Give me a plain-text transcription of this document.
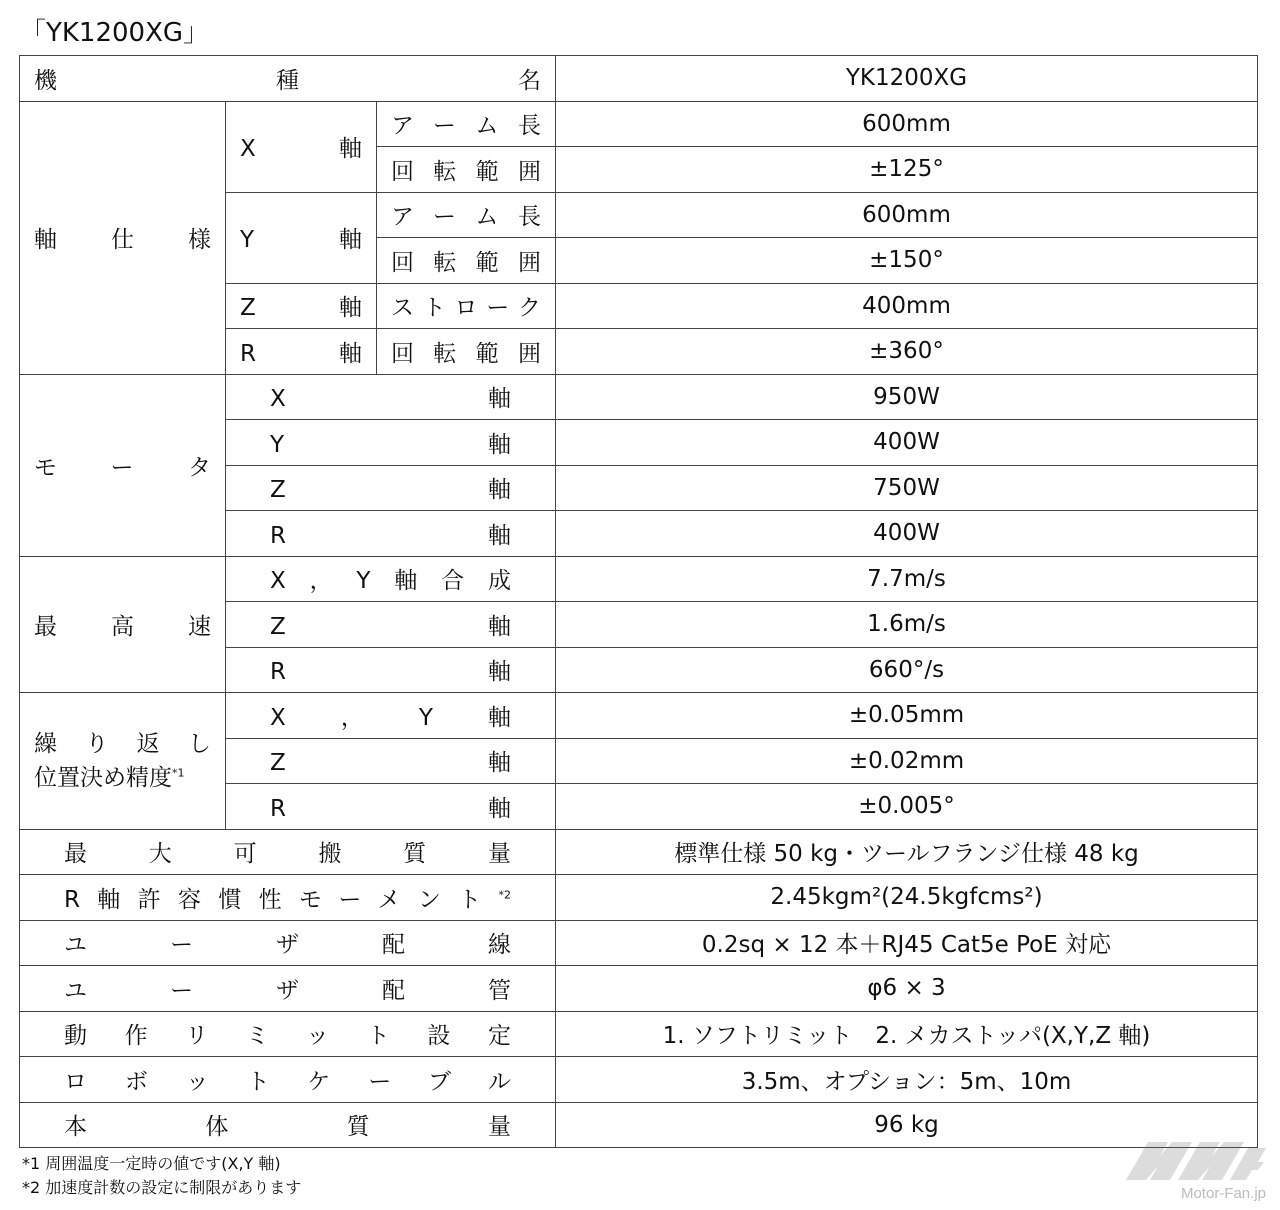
「YK1200XG」
機　種　名			YK1200XG

軸仕様	X軸	アーム長	600mm

		回転範囲	±125°

	Y軸	アーム長	600mm

		回転範囲	±150°

	Z軸	ストローク	400mm

	R軸	回転範囲	±360°

モータ	X軸		950W

	Y軸		400W

	Z軸		750W

	R軸		400W

最高速	X，Y軸合成		7.7m/s

	Z軸		1.6m/s

	R軸		660°/s

繰り返し
位置決め精度$^{*1}$	X，Y軸		±0.05mm

	Z軸		±0.02mm

	R軸		±0.005°

最大可搬質量			標準仕様 50 kg・ツールフランジ仕様 48 kg

R軸許容慣性モーメント$^{*2}$			2.45kgm²(24.5kgfcms²)

ユーザ配線			0.2sq × 12 本＋RJ45 Cat5e PoE 対応

ユーザ配管			φ6 × 3

動作リミット設定			1. ソフトリミット　2. メカストッパ(X,Y,Z 軸)

ロボットケーブル			3.5m、オプション：5m、10m

本体質量			96 kg
*1 周囲温度一定時の値です(X,Y 軸)
*2 加速度計数の設定に制限があります	Motor-Fan.jp
